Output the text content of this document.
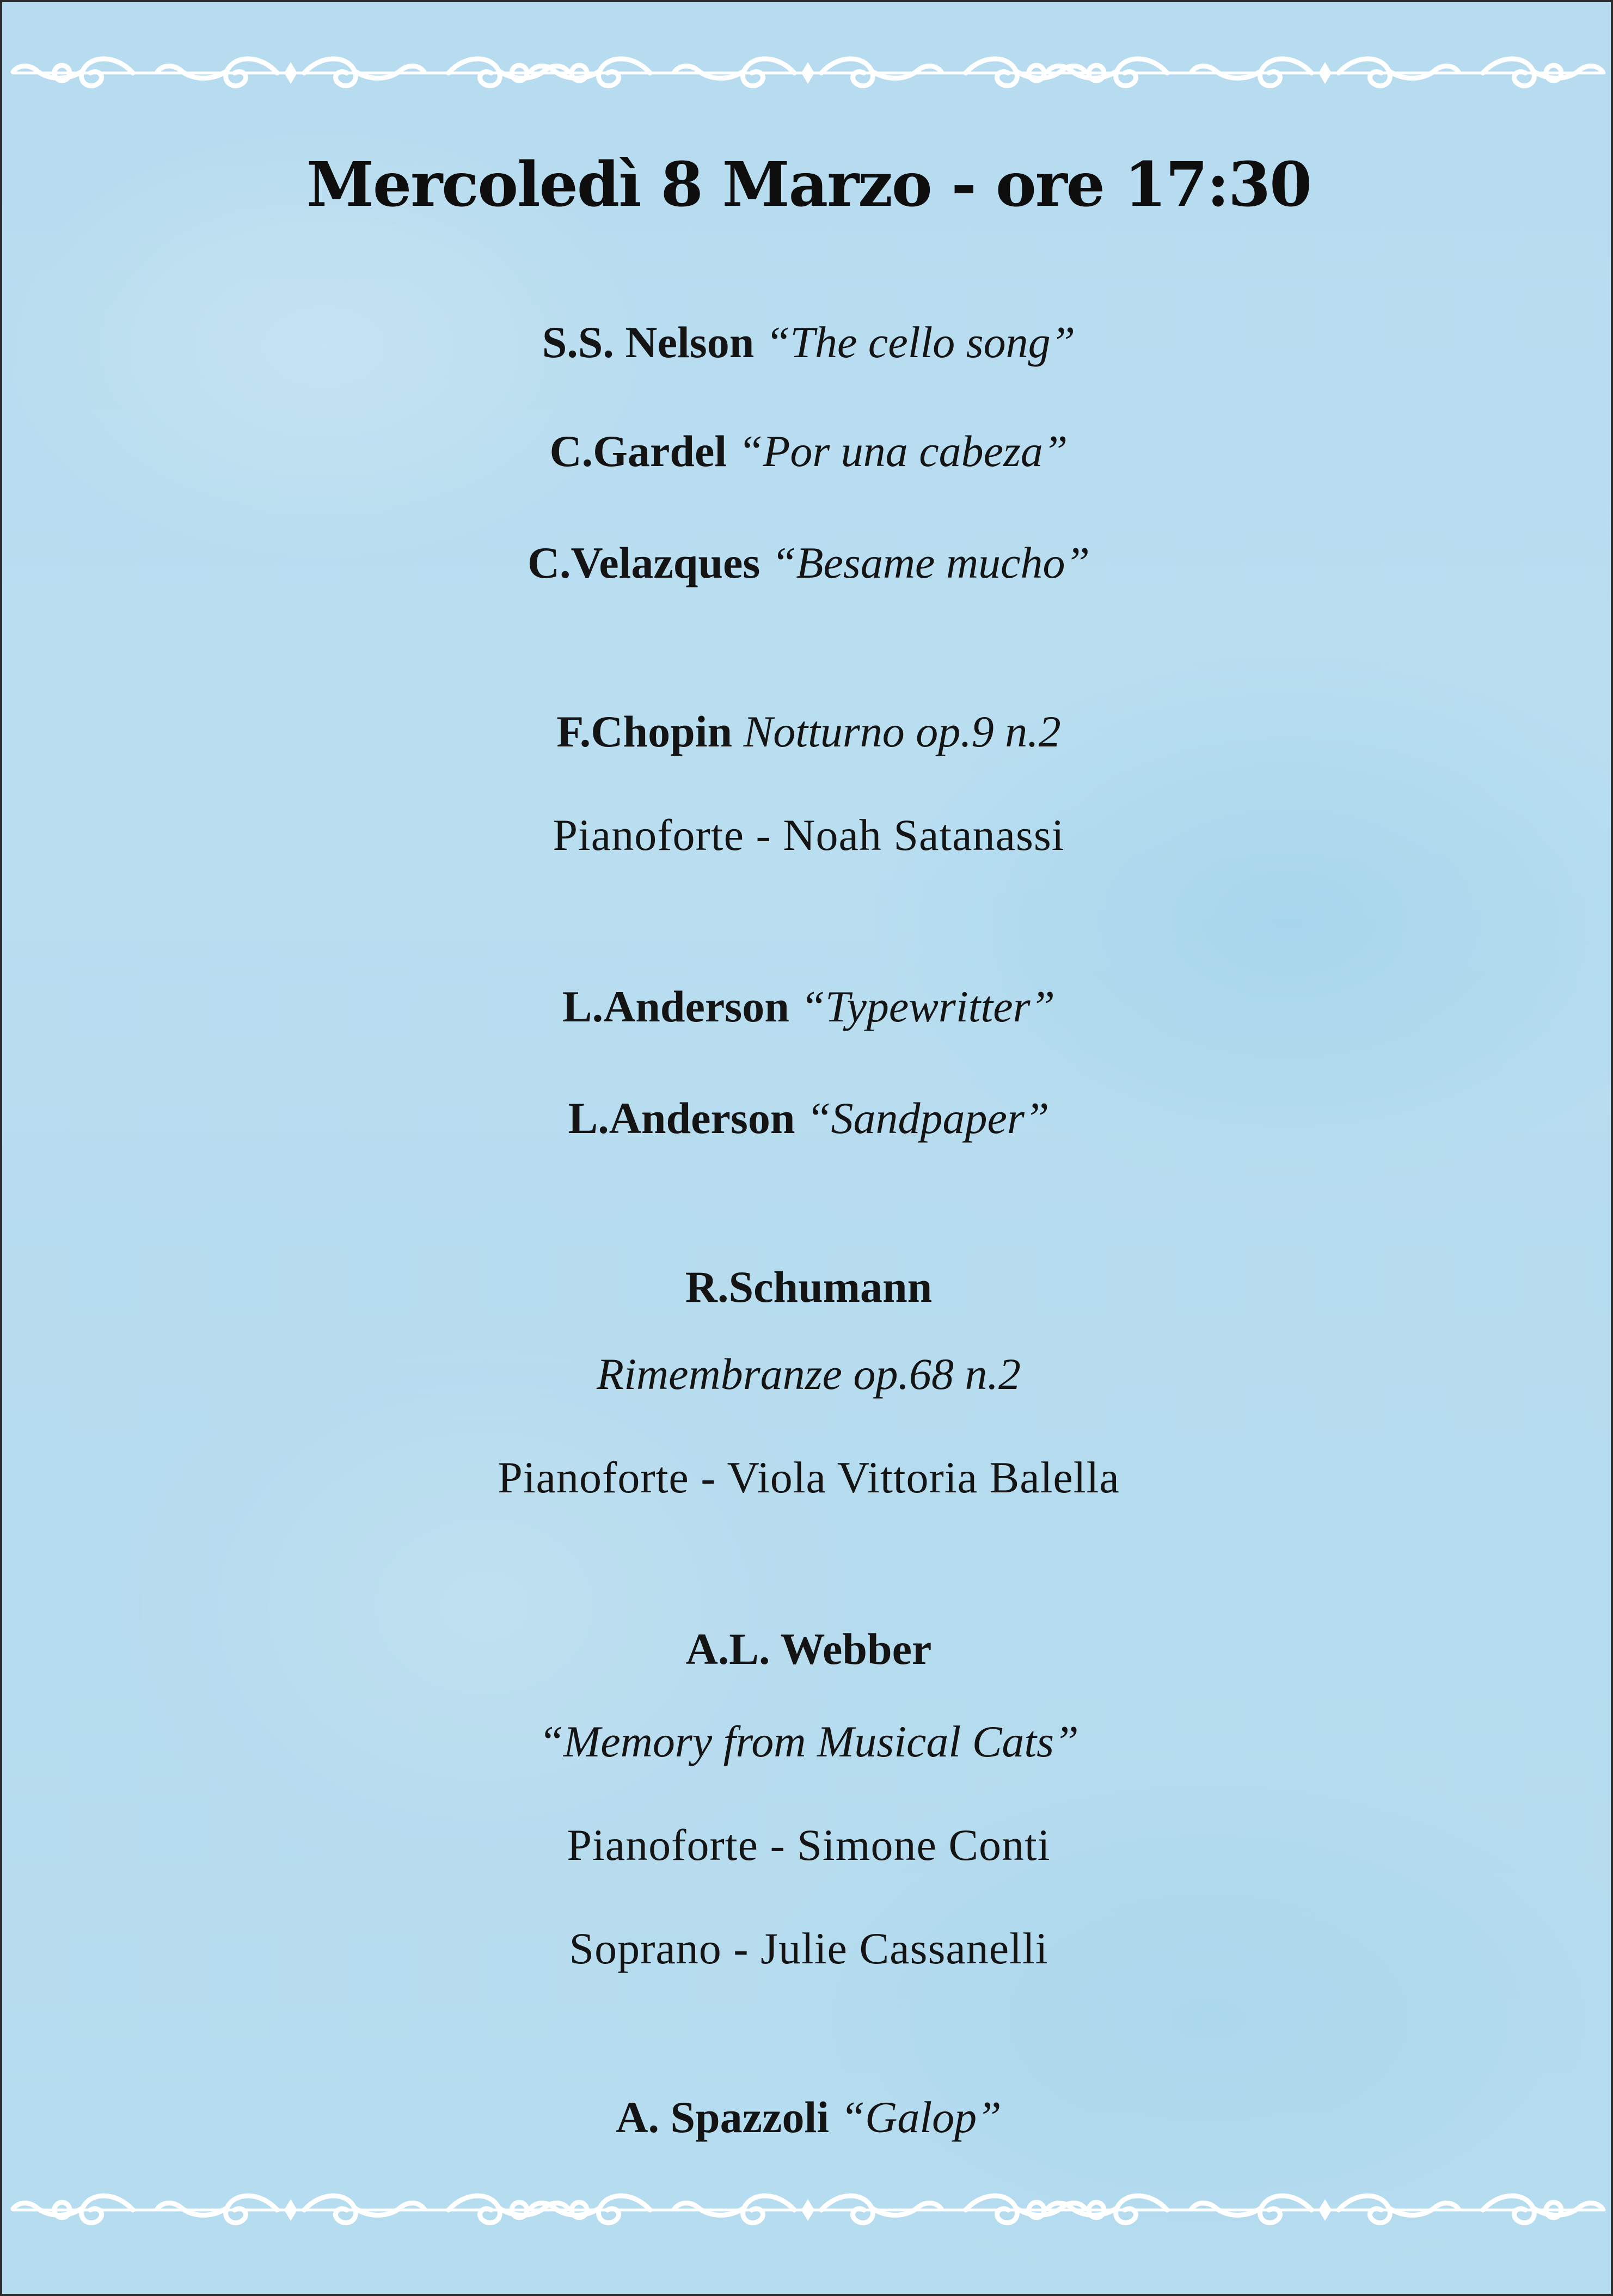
Mercoledì 8 Marzo - ore 17:30
S.S. Nelson “The cello song”
C.Gardel “Por una cabeza”
C.Velazques “Besame mucho”
F.Chopin Notturno op.9 n.2
Pianoforte - Noah Satanassi
L.Anderson “Typewritter”
L.Anderson “Sandpaper”
R.Schumann
Rimembranze op.68 n.2
Pianoforte - Viola Vittoria Balella
A.L. Webber
“Memory from Musical Cats”
Pianoforte - Simone Conti
Soprano - Julie Cassanelli
A. Spazzoli “Galop”
